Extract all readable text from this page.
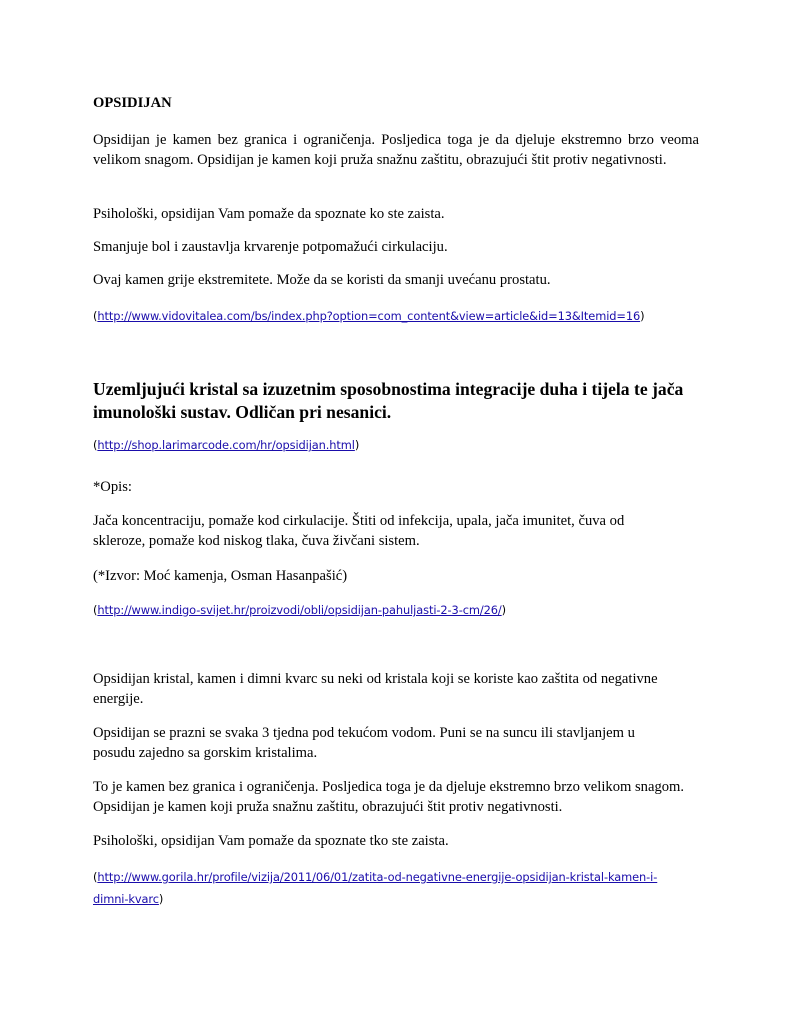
OPSIDIJAN

Opsidijan je kamen bez granica i ograničenja. Posljedica toga je da djeluje ekstremno brzo veoma velikom snagom. Opsidijan je kamen koji pruža snažnu zaštitu, obrazujući štit protiv negativnosti.

Psihološki, opsidijan Vam pomaže da spoznate ko ste zaista.

Smanjuje bol i zaustavlja krvarenje potpomažući cirkulaciju.

Ovaj kamen grije ekstremitete. Može da se koristi da smanji uvećanu prostatu.

(http://www.vidovitalea.com/bs/index.php?option=com_content&view=article&id=13&Itemid=16)

Uzemljujući kristal sa izuzetnim sposobnostima integracije duha i tijela te jača imunološki sustav. Odličan pri nesanici.

(http://shop.larimarcode.com/hr/opsidijan.html)

*Opis:

Jača koncentraciju, pomaže kod cirkulacije. Štiti od infekcija, upala, jača imunitet, čuva od skleroze, pomaže kod niskog tlaka, čuva živčani sistem.

(*Izvor: Moć kamenja, Osman Hasanpašić)

(http://www.indigo-svijet.hr/proizvodi/obli/opsidijan-pahuljasti-2-3-cm/26/)

Opsidijan kristal, kamen i dimni kvarc su neki od kristala koji se koriste kao zaštita od negativne energije.

Opsidijan se prazni se svaka 3 tjedna pod tekućom vodom. Puni se na suncu ili stavljanjem u posudu zajedno sa gorskim kristalima.

To je kamen bez granica i ograničenja. Posljedica toga je da djeluje ekstremno brzo velikom snagom. Opsidijan je kamen koji pruža snažnu zaštitu, obrazujući štit protiv negativnosti.

Psihološki, opsidijan Vam pomaže da spoznate tko ste zaista.

(http://www.gorila.hr/profile/vizija/2011/06/01/zatita-od-negativne-energije-opsidijan-kristal-kamen-i-
dimni-kvarc)
